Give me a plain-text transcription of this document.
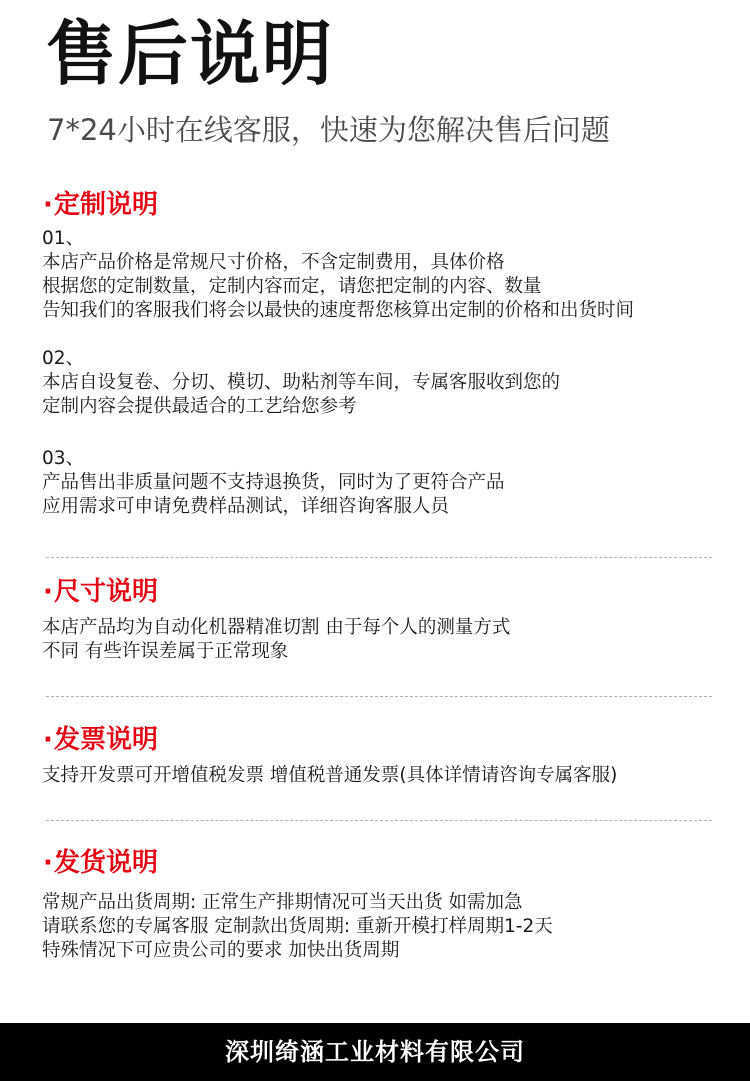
售后说明
7*24小时在线客服，快速为您解决售后问题
·定制说明
01、
本店产品价格是常规尺寸价格，不含定制费用，具体价格
根据您的定制数量，定制内容而定，请您把定制的内容、数量
告知我们的客服我们将会以最快的速度帮您核算出定制的价格和出货时间
02、
本店自设复卷、分切、模切、助粘剂等车间，专属客服收到您的
定制内容会提供最适合的工艺给您参考
03、
产品售出非质量问题不支持退换货，同时为了更符合产品
应用需求可申请免费样品测试，详细咨询客服人员
·尺寸说明
本店产品均为自动化机器精准切割 由于每个人的测量方式
不同 有些许误差属于正常现象
·发票说明
支持开发票可开增值税发票 增值税普通发票(具体详情请咨询专属客服)
·发货说明
常规产品出货周期: 正常生产排期情况可当天出货 如需加急
请联系您的专属客服 定制款出货周期: 重新开模打样周期1-2天
特殊情况下可应贵公司的要求 加快出货周期
深圳绮涵工业材料有限公司
